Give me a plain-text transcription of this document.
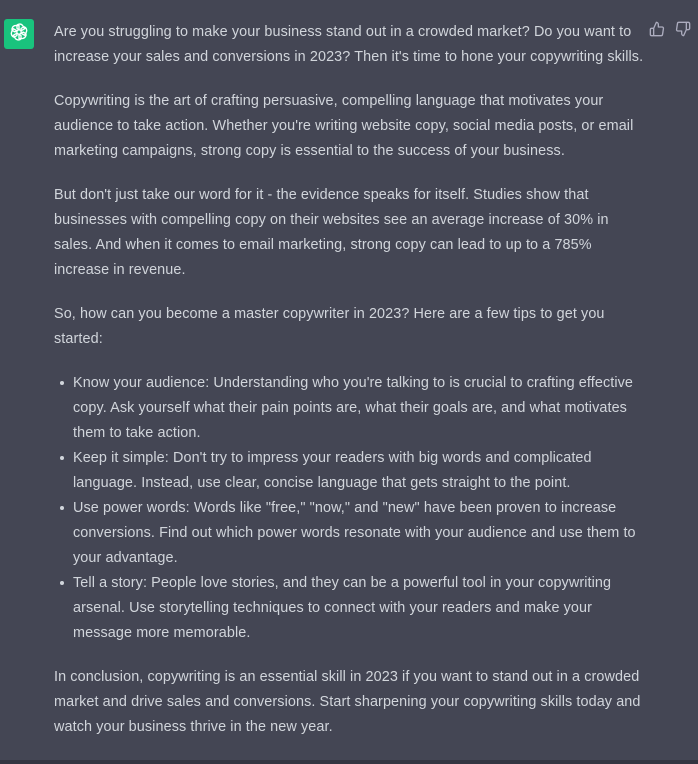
Are you struggling to make your business stand out in a crowded market? Do you want to increase your sales and conversions in 2023? Then it's time to hone your copywriting skills.

Copywriting is the art of crafting persuasive, compelling language that motivates your audience to take action. Whether you're writing website copy, social media posts, or email marketing campaigns, strong copy is essential to the success of your business.

But don't just take our word for it - the evidence speaks for itself. Studies show that businesses with compelling copy on their websites see an average increase of 30% in sales. And when it comes to email marketing, strong copy can lead to up to a 785% increase in revenue.

So, how can you become a master copywriter in 2023? Here are a few tips to get you started:

Know your audience: Understanding who you're talking to is crucial to crafting effective copy. Ask yourself what their pain points are, what their goals are, and what motivates them to take action.
Keep it simple: Don't try to impress your readers with big words and complicated language. Instead, use clear, concise language that gets straight to the point.
Use power words: Words like "free," "now," and "new" have been proven to increase conversions. Find out which power words resonate with your audience and use them to your advantage.
Tell a story: People love stories, and they can be a powerful tool in your copywriting arsenal. Use storytelling techniques to connect with your readers and make your message more memorable.

In conclusion, copywriting is an essential skill in 2023 if you want to stand out in a crowded market and drive sales and conversions. Start sharpening your copywriting skills today and watch your business thrive in the new year.
